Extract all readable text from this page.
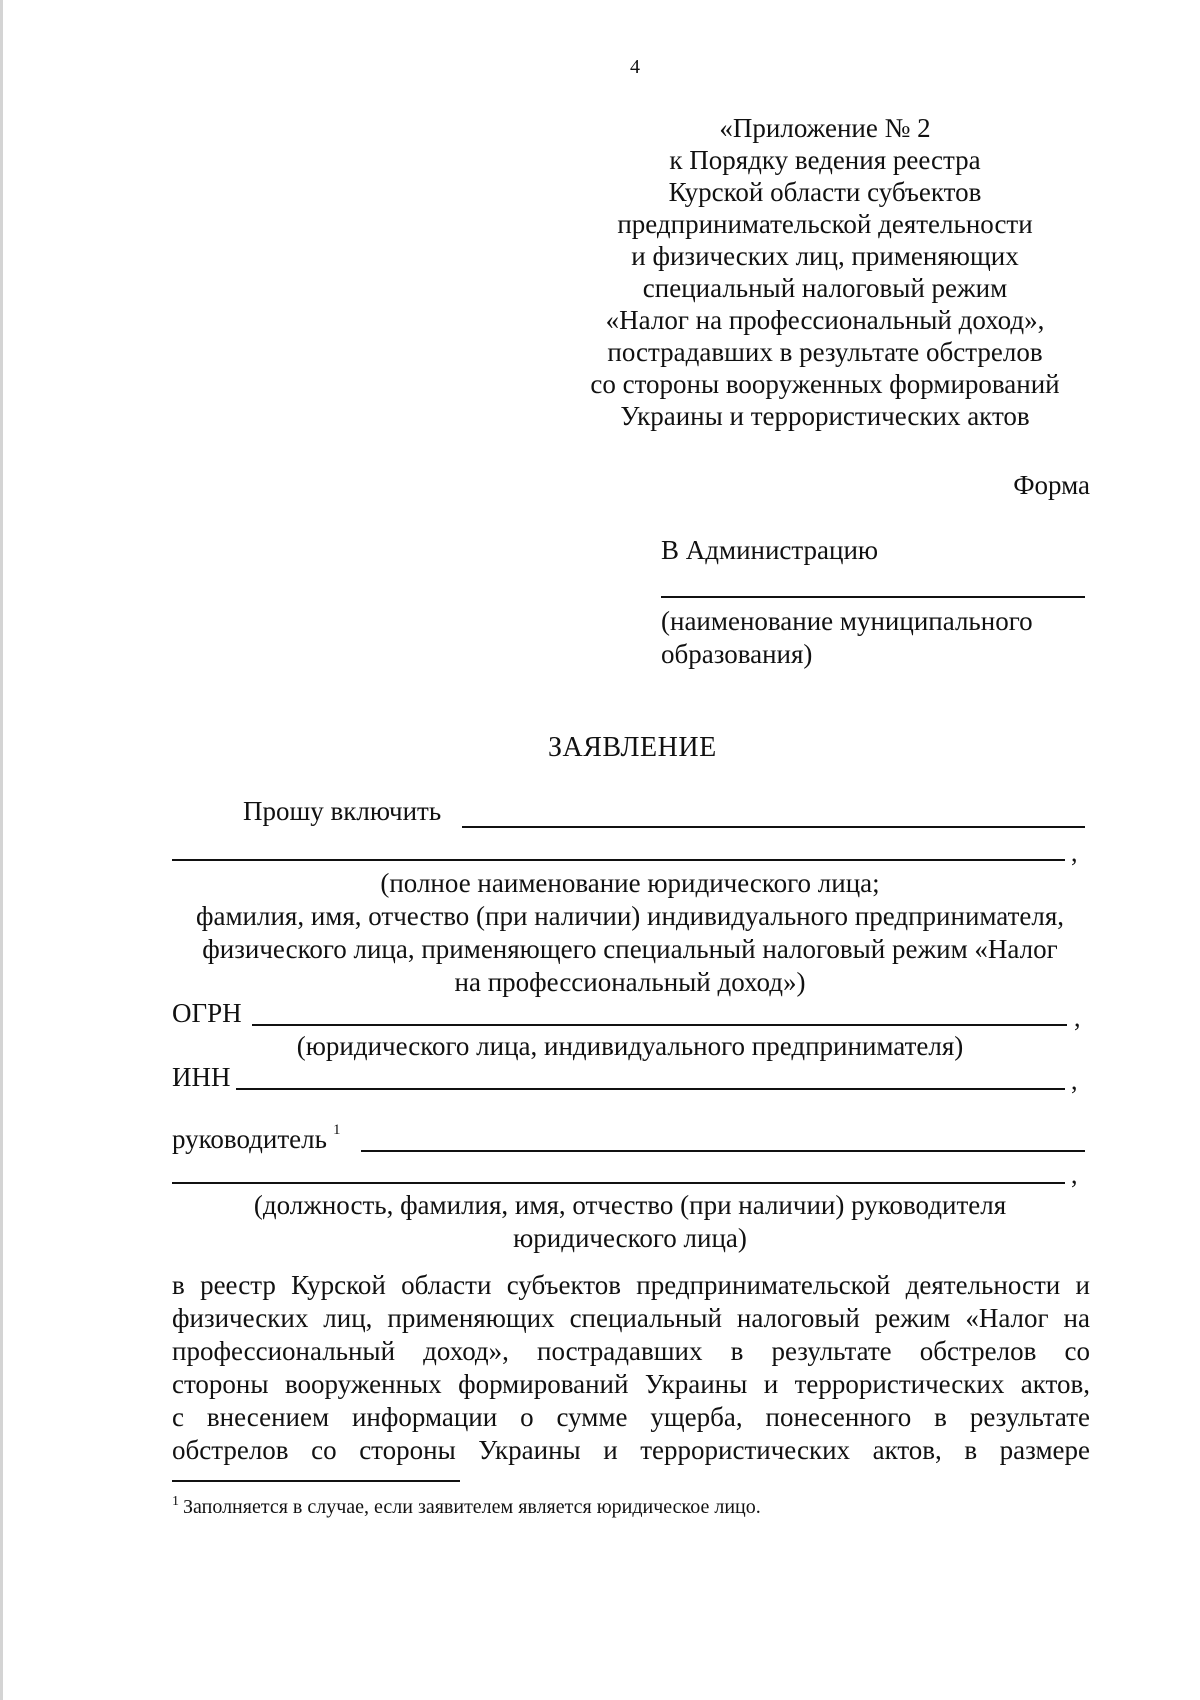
4
«Приложение № 2
к Порядку ведения реестра
Курской области субъектов
предпринимательской деятельности
и физических лиц, применяющих
специальный налоговый режим
«Налог на профессиональный доход»,
пострадавших в результате обстрелов
со стороны вооруженных формирований
Украины и террористических актов
Форма
В Администрацию
(наименование муниципального
образования)
ЗАЯВЛЕНИЕ
Прошу включить
,
(полное наименование юридического лица;
фамилия, имя, отчество (при наличии) индивидуального предпринимателя,
физического лица, применяющего специальный налоговый режим «Налог
на профессиональный доход»)
ОГРН	,
(юридического лица, индивидуального предпринимателя)
ИНН	,
руководитель $^1$
,
(должность, фамилия, имя, отчество (при наличии) руководителя
юридического лица)
в реестр Курской области субъектов предпринимательской деятельности и
физических лиц, применяющих специальный налоговый режим «Налог на
профессиональный доход», пострадавших в результате обстрелов со
стороны вооруженных формирований Украины и террористических актов,
с внесением информации о сумме ущерба, понесенного в результате
обстрелов со стороны Украины и террористических актов, в размере
$^1$ Заполняется в случае, если заявителем является юридическое лицо.
